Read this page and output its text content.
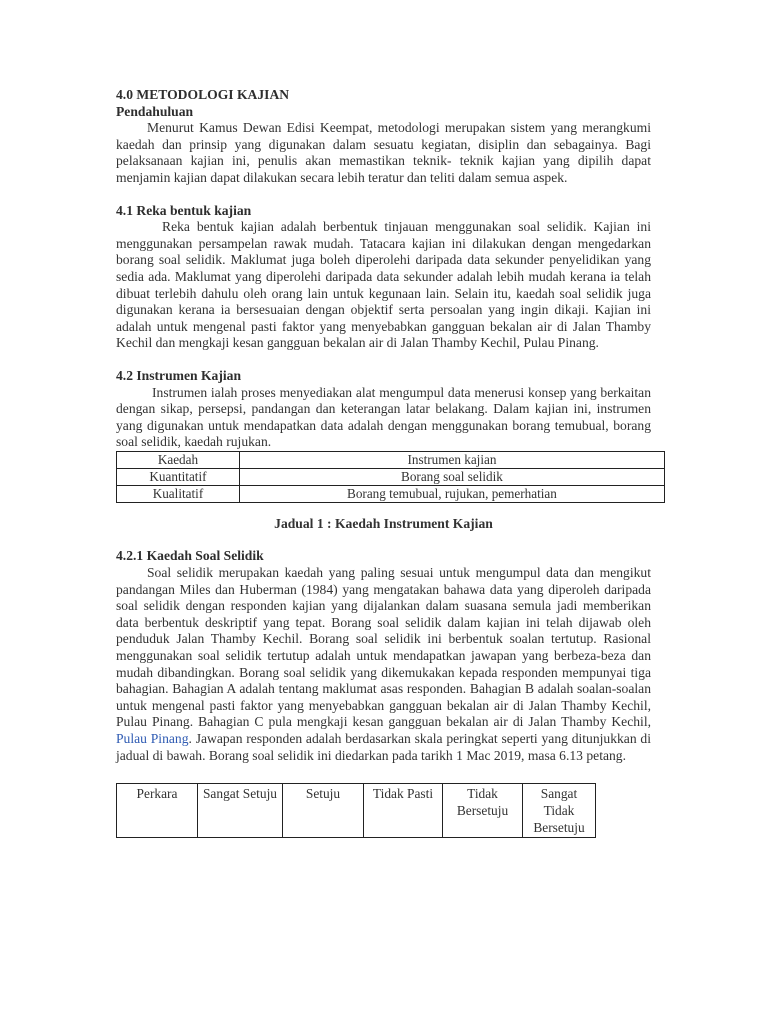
4.0 METODOLOGI KAJIAN
Pendahuluan

Menurut Kamus Dewan Edisi Keempat, metodologi merupakan sistem yang merangkumi kaedah dan prinsip yang digunakan dalam sesuatu kegiatan, disiplin dan sebagainya. Bagi pelaksanaan kajian ini, penulis akan memastikan teknik- teknik kajian yang dipilih dapat menjamin kajian dapat dilakukan secara lebih teratur dan teliti dalam semua aspek.

4.1 Reka bentuk kajian

Reka bentuk kajian adalah berbentuk tinjauan menggunakan soal selidik. Kajian ini menggunakan persampelan rawak mudah. Tatacara kajian ini dilakukan dengan mengedarkan borang soal selidik. Maklumat juga boleh diperolehi daripada data sekunder penyelidikan yang sedia ada. Maklumat yang diperolehi daripada data sekunder adalah lebih mudah kerana ia telah dibuat terlebih dahulu oleh orang lain untuk kegunaan lain. Selain itu, kaedah soal selidik juga digunakan kerana ia bersesuaian dengan objektif serta persoalan yang ingin dikaji. Kajian ini adalah untuk mengenal pasti faktor yang menyebabkan gangguan bekalan air di Jalan Thamby Kechil dan mengkaji kesan gangguan bekalan air di Jalan Thamby Kechil, Pulau Pinang.

4.2 Instrumen Kajian

Instrumen ialah proses menyediakan alat mengumpul data menerusi konsep yang berkaitan dengan sikap, persepsi, pandangan dan keterangan latar belakang. Dalam kajian ini, instrumen yang digunakan untuk mendapatkan data adalah dengan menggunakan borang temubual, borang soal selidik, kaedah rujukan.

Kaedah	Instrumen kajian
Kuantitatif	Borang soal selidik
Kualitatif	Borang temubual, rujukan, pemerhatian
Jadual 1 : Kaedah Instrument Kajian
4.2.1 Kaedah Soal Selidik

Soal selidik merupakan kaedah yang paling sesuai untuk mengumpul data dan mengikut pandangan Miles dan Huberman (1984) yang mengatakan bahawa data yang diperoleh daripada soal selidik dengan responden kajian yang dijalankan dalam suasana semula jadi memberikan data berbentuk deskriptif yang tepat. Borang soal selidik dalam kajian ini telah dijawab oleh penduduk Jalan Thamby Kechil. Borang soal selidik ini berbentuk soalan tertutup. Rasional menggunakan soal selidik tertutup adalah untuk mendapatkan jawapan yang berbeza-beza dan mudah dibandingkan. Borang soal selidik yang dikemukakan kepada responden mempunyai tiga bahagian. Bahagian A adalah tentang maklumat asas responden. Bahagian B adalah soalan-soalan untuk mengenal pasti faktor yang menyebabkan gangguan bekalan air di Jalan Thamby Kechil, Pulau Pinang. Bahagian C pula mengkaji kesan gangguan bekalan air di Jalan Thamby Kechil, Pulau Pinang. Jawapan responden adalah berdasarkan skala peringkat seperti yang ditunjukkan di jadual di bawah. Borang soal selidik ini diedarkan pada tarikh 1 Mac 2019, masa 6.13 petang.

Perkara	Sangat Setuju	Setuju	Tidak Pasti	Tidak Bersetuju	Sangat Tidak Bersetuju
